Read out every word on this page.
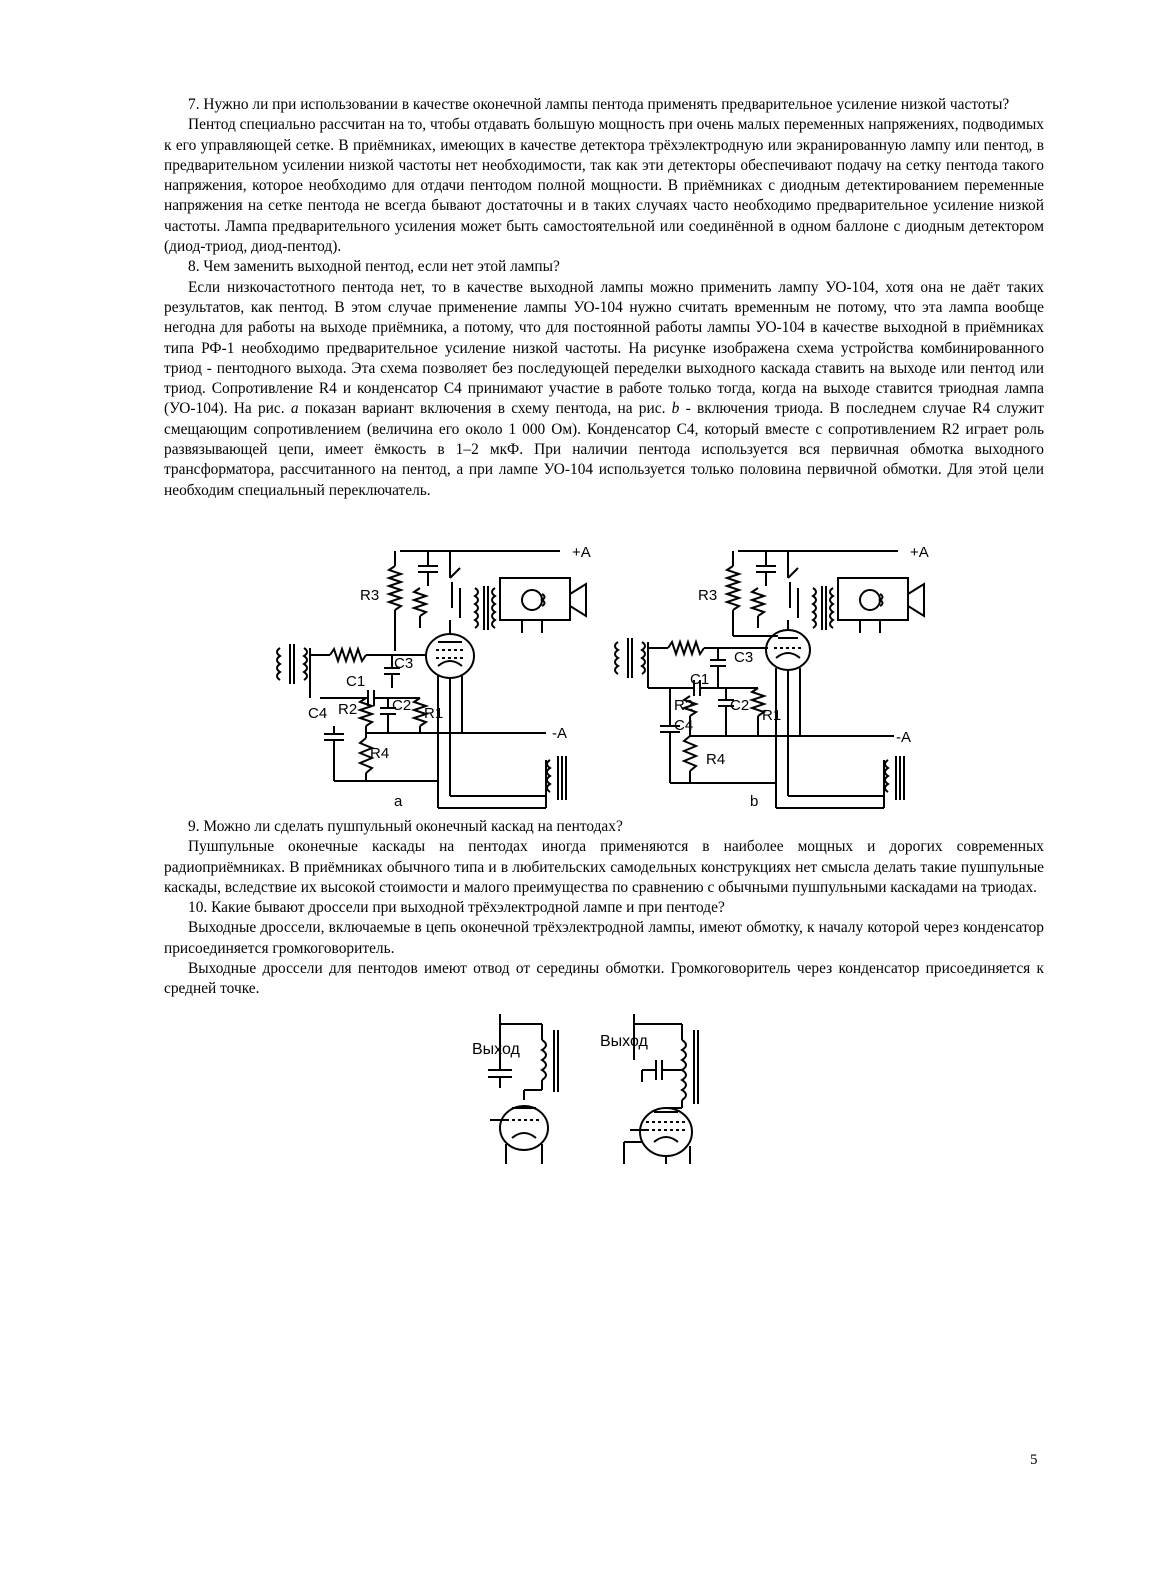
7. Нужно ли при использовании в качестве оконечной лампы пентода применять предварительное усиление низкой частоты?

Пентод специально рассчитан на то, чтобы отдавать большую мощность при очень малых переменных напряжениях, подводимых к его управляющей сетке. В приёмниках, имеющих в качестве детектора трёхэлектродную или экранированную лампу или пентод, в предварительном усилении низкой частоты нет необходимости, так как эти детекторы обеспечивают подачу на сетку пентода такого напряжения, которое необходимо для отдачи пентодом полной мощности. В приёмниках с диодным детектированием переменные напряжения на сетке пентода не всегда бывают достаточны и в таких случаях часто необходимо предварительное усиление низкой частоты. Лампа предварительного усиления может быть самостоятельной или соединённой в одном баллоне с диодным детектором (диод-триод, диод-пентод).

8. Чем заменить выходной пентод, если нет этой лампы?

Если низкочастотного пентода нет, то в качестве выходной лампы можно применить лампу УО-104, хотя она не даёт таких результатов, как пентод. В этом случае применение лампы УО-104 нужно считать временным не потому, что эта лампа вообще негодна для работы на выходе приёмника, а потому, что для постоянной работы лампы УО-104 в качестве выходной в приёмниках типа РФ-1 необходимо предварительное усиление низкой частоты. На рисунке изображена схема устройства комбинированного триод - пентодного выхода. Эта схема позволяет без последующей переделки выходного каскада ставить на выходе или пентод или триод. Сопротивление R4 и конденсатор С4 принимают участие в работе только тогда, когда на выходе ставится триодная лампа (УО-104). На рис. а показан вариант включения в схему пентода, на рис. b - включения триода. В последнем случае R4 служит смещающим сопротивлением (величина его около 1 000 Ом). Конденсатор С4, который вместе с сопротивлением R2 играет роль развязывающей цепи, имеет ёмкость в 1–2 мкФ. При наличии пентода используется вся первичная обмотка выходного трансформатора, рассчитанного на пентод, а при лампе УО-104 используется только половина первичной обмотки. Для этой цели необходим специальный переключатель.

+A
R3
C3
C1
C2 R1
R2
C4
R4
-A
a
+A
R3
C3
C1
C2
R1
R2
C4
R4
-A
b

9. Можно ли сделать пушпульный оконечный каскад на пентодах?

Пушпульные оконечные каскады на пентодах иногда применяются в наиболее мощных и дорогих современных радиоприёмниках. В приёмниках обычного типа и в любительских самодельных конструкциях нет смысла делать такие пушпульные каскады, вследствие их высокой стоимости и малого преимущества по сравнению с обычными пушпульными каскадами на триодах.

10. Какие бывают дроссели при выходной трёхэлектродной лампе и при пентоде?

Выходные дроссели, включаемые в цепь оконечной трёхэлектродной лампы, имеют обмотку, к началу которой через конденсатор присоединяется громкоговоритель.

Выходные дроссели для пентодов имеют отвод от середины обмотки. Громкоговоритель через конденсатор присоединяется к средней точке.

Выход	Выход
5
